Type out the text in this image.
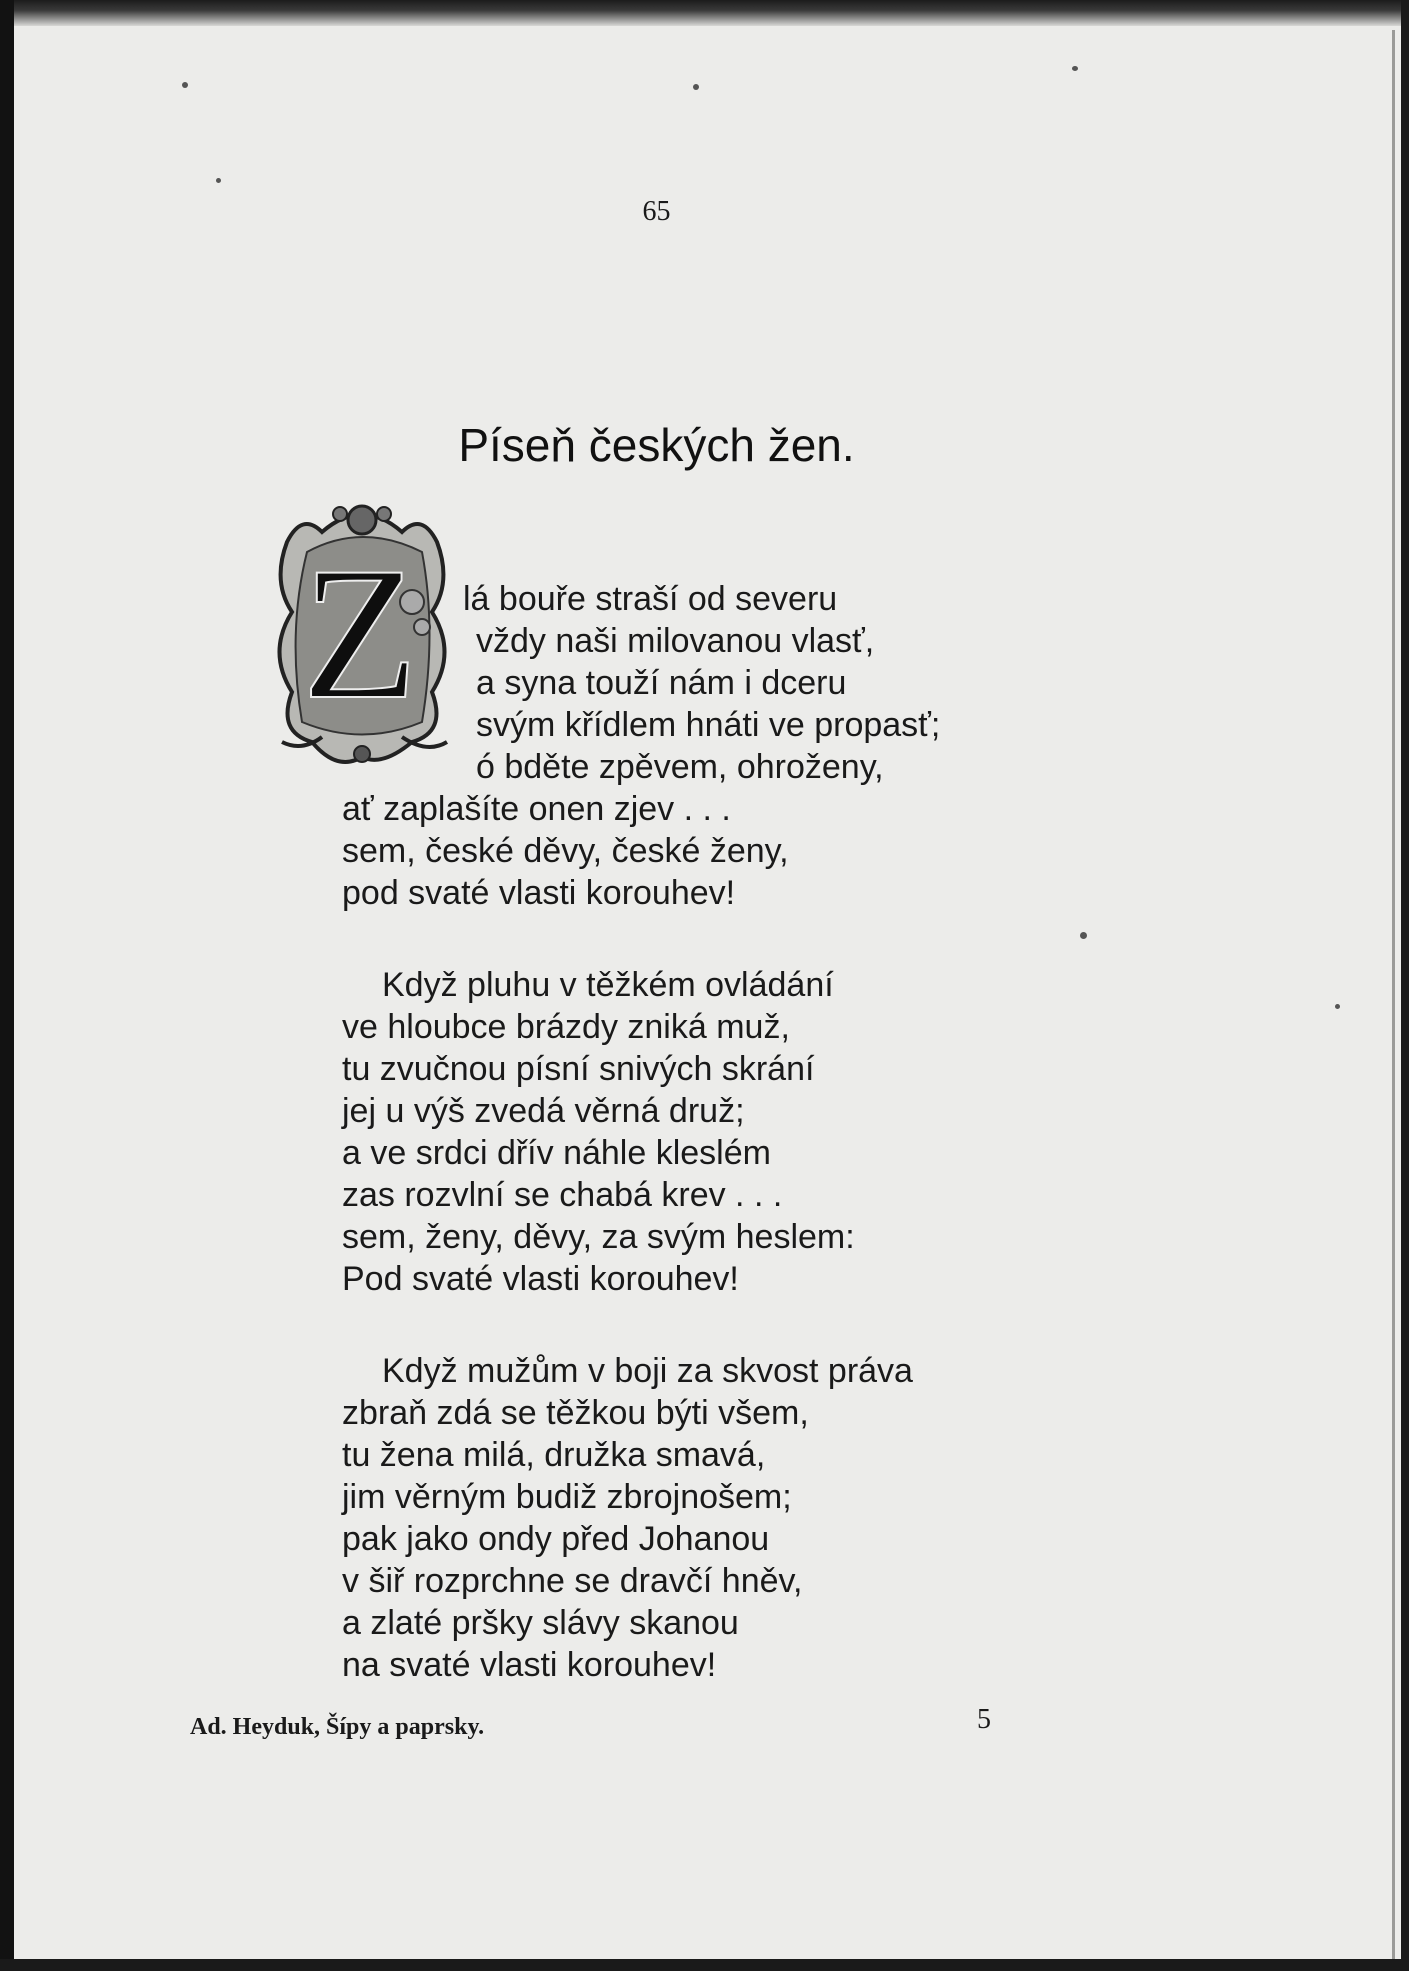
65
Píseň českých žen.
Z lá bouře straší od severu
vždy naši milovanou vlasť,
a syna touží nám i dceru
svým křídlem hnáti ve propasť;
ó bděte zpěvem, ohroženy,
ať zaplašíte onen zjev . . .
sem, české děvy, české ženy,
pod svaté vlasti korouhev!
Když pluhu v těžkém ovládání
ve hloubce brázdy zniká muž,
tu zvučnou písní snivých skrání
jej u výš zvedá věrná druž;
a ve srdci dřív náhle kleslém
zas rozvlní se chabá krev . . .
sem, ženy, děvy, za svým heslem:
Pod svaté vlasti korouhev!
Když mužům v boji za skvost práva
zbraň zdá se těžkou býti všem,
tu žena milá, družka smavá,
jim věrným budiž zbrojnošem;
pak jako ondy před Johanou
v šiř rozprchne se dravčí hněv,
a zlaté pršky slávy skanou
na svaté vlasti korouhev!
Ad. Heyduk, Šípy a paprsky.	5
